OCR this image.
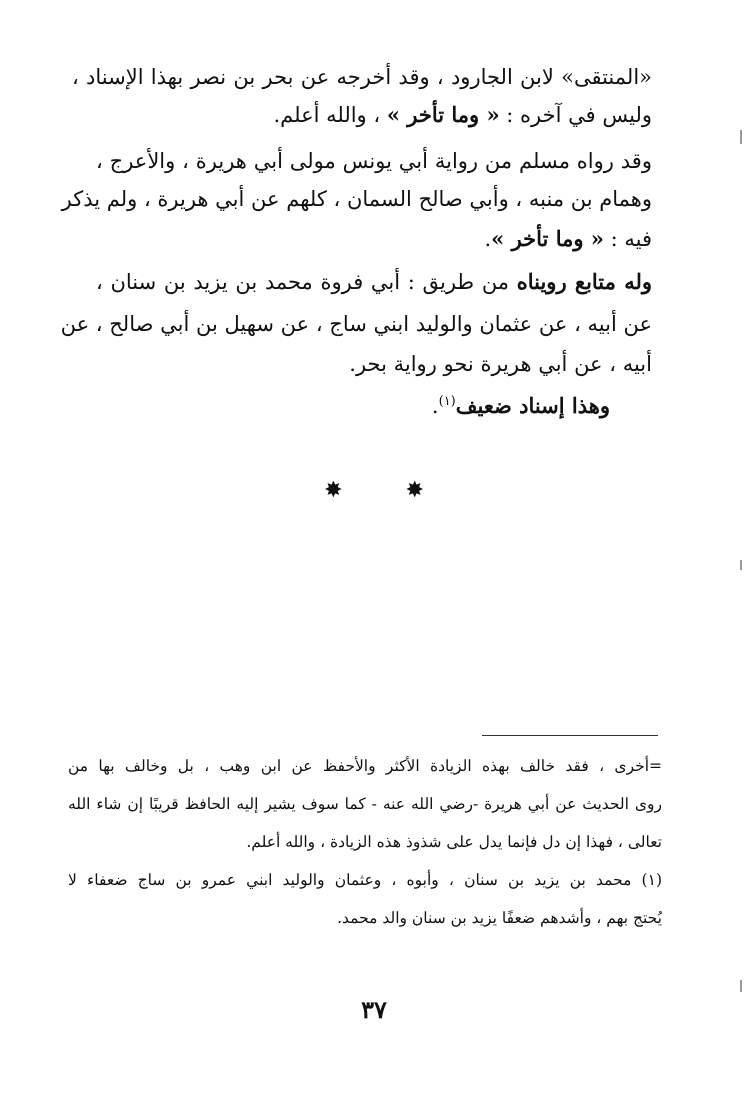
«المنتقى» لابن الجارود ، وقد أخرجه عن بحر بن نصر بهذا الإسناد ،
وليس في آخره : « وما تأخر » ، والله أعلم.
وقد رواه مسلم من رواية أبي يونس مولى أبي هريرة ، والأعرج ،
وهمام بن منبه ، وأبي صالح السمان ، كلهم عن أبي هريرة ، ولم يذكر
فيه : « وما تأخر ».
وله متابع رويناه من طريق : أبي فروة محمد بن يزيد بن سنان ،
عن أبيه ، عن عثمان والوليد ابني ساج ، عن سهيل بن أبي صالح ، عن
أبيه ، عن أبي هريرة نحو رواية بحر.
وهذا إسناد ضعيف$^{(١)}$.
✸	✸
=أخرى ، فقد خالف بهذه الزيادة الأكثر والأحفظ عن ابن وهب ، بل وخالف بها من
روى الحديث عن أبي هريرة -رضي الله عنه - كما سوف يشير إليه الحافظ قريبًا إن شاء الله
تعالى ، فهذا إن دل فإنما يدل على شذوذ هذه الزيادة ، والله أعلم.
(١) محمد بن يزيد بن سنان ، وأبوه ، وعثمان والوليد ابني عمرو بن ساج ضعفاء لا
يُحتج بهم ، وأشدهم ضعفًا يزيد بن سنان والد محمد.
٣٧
